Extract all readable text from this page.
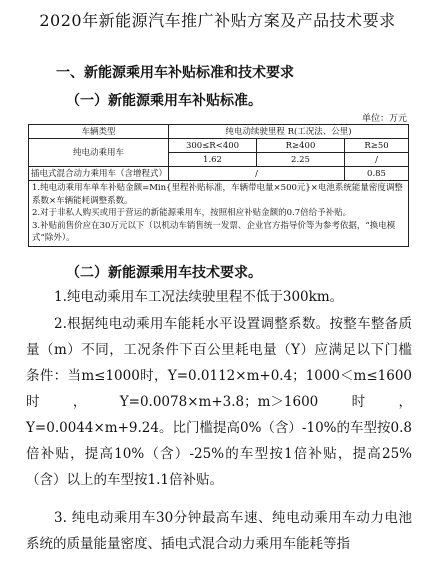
2020年新能源汽车推广补贴方案及产品技术要求
一、新能源乘用车补贴标准和技术要求
（一）新能源乘用车补贴标准。
单位：万元
车辆类型	纯电动续驶里程 R(工况法、公里)		
纯电动乘用车	300≤R<400	R≥400	R≥50
	1.62	2.25	/
插电式混合动力乘用车（含增程式）	/		0.85

1.纯电动乘用车单车补贴金额=Min{里程补贴标准，车辆带电量×500元}×电池系统能量密度调整系数×车辆能耗调整系数。
2.对于非私人购买或用于营运的新能源乘用车，按照相应补贴金额的0.7倍给予补贴。
3.补贴前售价应在30万元以下（以机动车销售统一发票、企业官方指导价等为参考依据，“换电模式”除外）。			
（二）新能源乘用车技术要求。
1.纯电动乘用车工况法续驶里程不低于300km。
2.根据纯电动乘用车能耗水平设置调整系数。按整车整备质量（m）不同，工况条件下百公里耗电量（Y）应满足以下门槛条件：当m≤1000时，Y=0.0112×m+0.4；1000＜m≤1600时，Y=0.0078×m+3.8；m＞1600时，Y=0.0044×m+9.24。比门槛提高0%（含）-10%的车型按0.8倍补贴，提高10%（含）-25%的车型按1倍补贴，提高25%（含）以上的车型按1.1倍补贴。
3. 纯电动乘用车30分钟最高车速、纯电动乘用车动力电池系统的质量能量密度、插电式混合动力乘用车能耗等指
